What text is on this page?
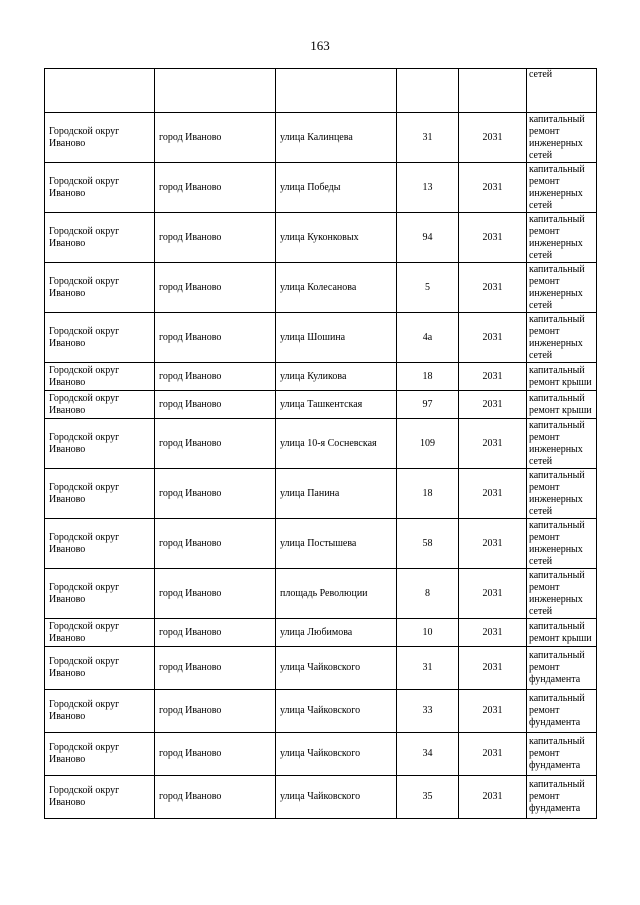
163
					сетей
Городской округ Иваново	город Иваново	улица Калинцева	31	2031	капитальный ремонт инженерных сетей
Городской округ Иваново	город Иваново	улица Победы	13	2031	капитальный ремонт инженерных сетей
Городской округ Иваново	город Иваново	улица Куконковых	94	2031	капитальный ремонт инженерных сетей
Городской округ Иваново	город Иваново	улица Колесанова	5	2031	капитальный ремонт инженерных сетей
Городской округ Иваново	город Иваново	улица Шошина	4а	2031	капитальный ремонт инженерных сетей
Городской округ Иваново	город Иваново	улица Куликова	18	2031	капитальный ремонт крыши
Городской округ Иваново	город Иваново	улица Ташкентская	97	2031	капитальный ремонт крыши
Городской округ Иваново	город Иваново	улица 10-я Сосневская	109	2031	капитальный ремонт инженерных сетей
Городской округ Иваново	город Иваново	улица Панина	18	2031	капитальный ремонт инженерных сетей
Городской округ Иваново	город Иваново	улица Постышева	58	2031	капитальный ремонт инженерных сетей
Городской округ Иваново	город Иваново	площадь Революции	8	2031	капитальный ремонт инженерных сетей
Городской округ Иваново	город Иваново	улица Любимова	10	2031	капитальный ремонт крыши
Городской округ Иваново	город Иваново	улица Чайковского	31	2031	капитальный ремонт фундамента
Городской округ Иваново	город Иваново	улица Чайковского	33	2031	капитальный ремонт фундамента
Городской округ Иваново	город Иваново	улица Чайковского	34	2031	капитальный ремонт фундамента
Городской округ Иваново	город Иваново	улица Чайковского	35	2031	капитальный ремонт фундамента
